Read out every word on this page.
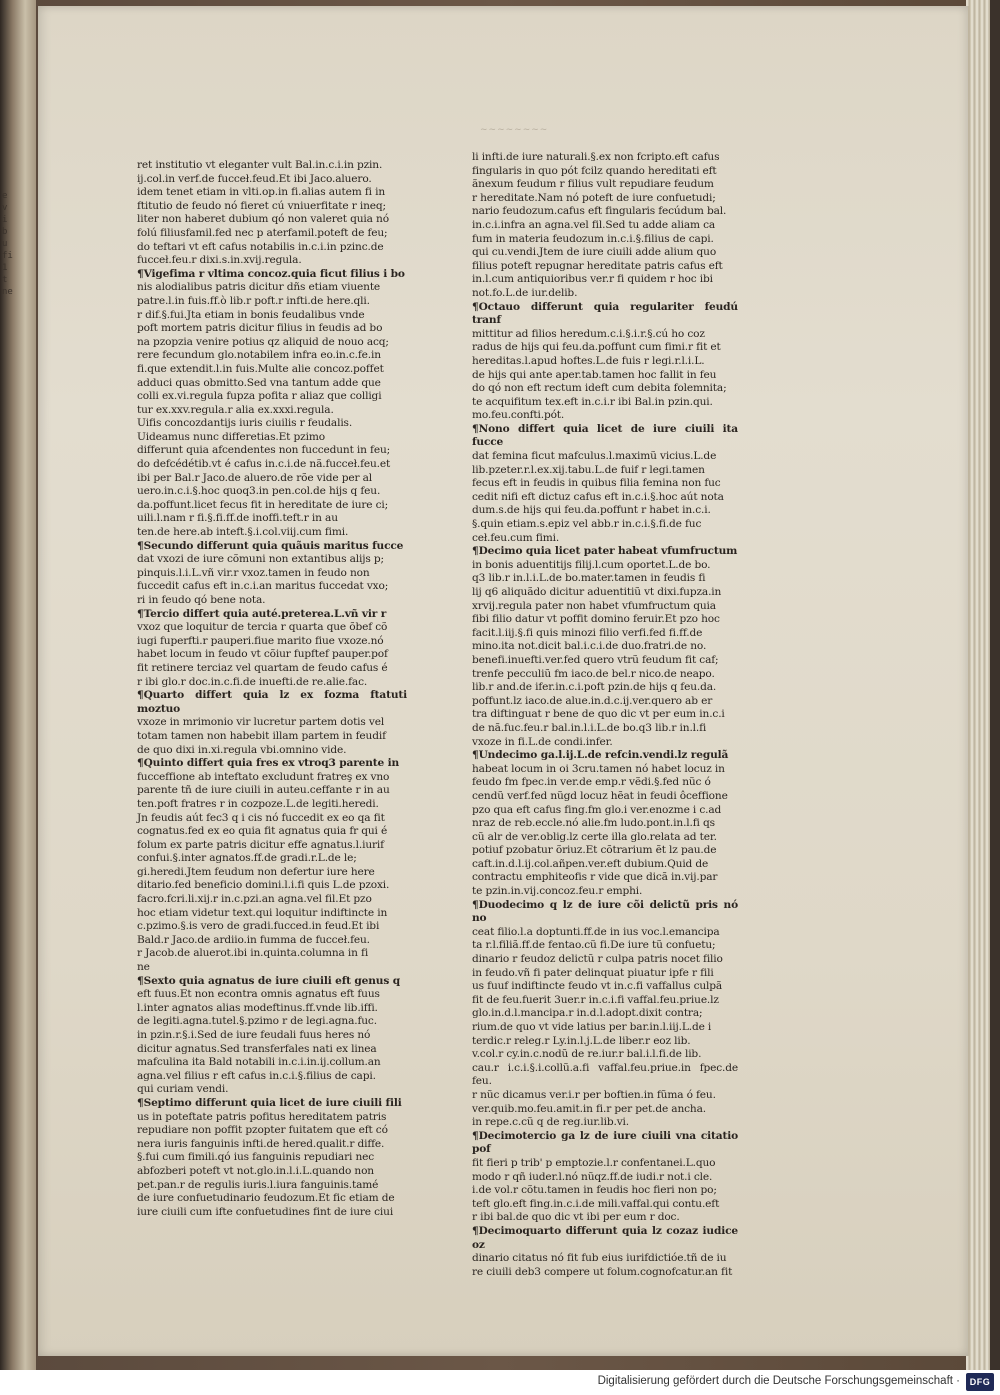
e
v
i
b
u
fi
1
t
ne
~~~~~~~~

ret institutio vt eleganter vult Bal.in.c.i.in pzin.

ij.col.in verf.de fucceł.feud.Et ibi Jaco.aluero.

idem tenet etiam in vlti.op.in fi.alias autem fi in

ftitutio de feudo nó fieret cú vniuerfitate r ineq;

liter non haberet dubium qó non valeret quia nó

folú filiusfamil.fed nec p aterfamil.poteft de feu;

do teftari vt eft cafus notabilis in.c.i.in pzinc.de

fucceł.feu.r dixi.s.in.xvij.regula.

¶Vigefima r vltima concoz.quia ficut filius i bo

nis alodialibus patris dicitur dñs etiam viuente

patre.l.in fuis.ff.ò lib.r poft.r infti.de here.qli.

r dif.§.fui.Jta etiam in bonis feudalibus vnde

poft mortem patris dicitur filius in feudis ad bo

na pzopzia venire potius qz aliquid de nouo acq;

rere fecundum glo.notabilem infra eo.in.c.fe.in

fi.que extendit.l.in fuis.Multe alie concoz.poffet

adduci quas obmitto.Sed vna tantum adde que

colli ex.vi.regula fupza pofita r aliaz que colligi

tur ex.xxv.regula.r alia ex.xxxi.regula.

Uifis concozdantijs iuris ciuilis r feudalis.

Uideamus nunc differetias.Et pzimo

differunt quia afcendentes non fuccedunt in feu;

do defcédétib.vt é cafus in.c.i.de nã.fucceł.feu.et

ibi per Bal.r Jaco.de aluero.de rõe vide per al

uero.in.c.i.§.hoc quoq3.in pen.col.de hijs q feu.

da.poffunt.licet fecus fit in hereditate de iure ci;

uili.l.nam r fi.§.fi.ff.de inoffi.teft.r in au

ten.de here.ab inteft.§.i.col.viij.cum fimi.

¶Secundo differunt quia quãuis maritus fucce

dat vxozi de iure cõmuni non extantibus alijs p;

pinquis.l.i.L.vñ vir.r vxoz.tamen in feudo non

fuccedit cafus eft in.c.i.an maritus fuccedat vxo;

ri in feudo qó bene nota.

¶Tercio differt quia auté.preterea.L.vñ vir r

vxoz que loquitur de tercia r quarta que õbef cõ

iugi fuperfti.r pauperi.fiue marito fiue vxoze.nó

habet locum in feudo vt cõiur fupftef pauper.pof

fit retinere terciaz vel quartam de feudo cafus é

r ibi glo.r doc.in.c.fi.de inuefti.de re.alie.fac.

¶Quarto differt quia lz ex fozma ftatuti moztuo

vxoze in mrimonio vir lucretur partem dotis vel

totam tamen non habebit illam partem in feudif

de quo dixi in.xi.regula vbi.omnino vide.

¶Quinto differt quia fres ex vtroq3 parente in

fucceffione ab inteftato excludunt fratreş ex vno

parente tñ de iure ciuili in auteu.ceffante r in au

ten.poft fratres r in cozpoze.L.de legiti.heredi.

Jn feudis aút fec3 q i cis nó fuccedit ex eo qa fit

cognatus.fed ex eo quia fit agnatus quia fr qui é

folum ex parte patris dicitur effe agnatus.l.iurif

confui.§.inter agnatos.ff.de gradi.r.L.de le;

gi.heredi.Jtem feudum non defertur iure here

ditario.fed beneficio domini.l.i.fi quis L.de pzoxi.

facro.fcri.li.xij.r in.c.pzi.an agna.vel fil.Et pzo

hoc etiam videtur text.qui loquitur indiftincte in

c.pzimo.§.is vero de gradi.fucced.in feud.Et ibi

Bald.r Jaco.de ardiio.in fumma de fucceł.feu.

r Jacob.de aluerot.ibi in.quinta.columna in fi

ne

¶Sexto quia agnatus de iure ciuili eft genus q

eft fuus.Et non econtra omnis agnatus eft fuus

l.inter agnatos alias modeftinus.ff.vnde lib.iffi.

de legiti.agna.tutel.§.pzimo r de legi.agna.fuc.

in pzin.r.§.i.Sed de iure feudali fuus heres nó

dicitur agnatus.Sed transferfales nati ex linea

mafculina ita Bald notabili in.c.i.in.ij.collum.an

agna.vel filius r eft cafus in.c.i.§.filius de capi.

qui curiam vendi.

¶Septimo differunt quia licet de iure ciuili fili

us in poteftate patris pofitus hereditatem patris

repudiare non poffit pzopter fuitatem que eft có

nera iuris fanguinis infti.de hered.qualit.r diffe.

§.fui cum fimili.qó ius fanguinis repudiari nec

abfozberi poteft vt not.glo.in.l.i.L.quando non

pet.pan.r de regulis iuris.l.iura fanguinis.tamé

de iure confuetudinario feudozum.Et fic etiam de

iure ciuili cum ifte confuetudines fint de iure ciui

li infti.de iure naturali.§.ex non fcripto.eft cafus

fingularis in quo pót fcilz quando hereditati eft

ãnexum feudum r filius vult repudiare feudum

r hereditate.Nam nó poteft de iure confuetudi;

nario feudozum.cafus eft fingularis fecúdum bal.

in.c.i.infra an agna.vel fil.Sed tu adde aliam ca

fum in materia feudozum in.c.i.§.filius de capi.

qui cu.vendi.Jtem de iure ciuili adde alium quo

filius poteft repugnar hereditate patris cafus eft

in.l.cum antiquioribus ver.r fi quidem r hoc ibi

not.fo.L.de iur.delib.

¶Octauo differunt quia regulariter feudú tranf

mittitur ad filios heredum.c.i.§.i.r.§.cú ho coz

radus de hijs qui feu.da.poffunt cum fimi.r fit et

hereditas.l.apud hoftes.L.de fuis r legi.r.l.i.L.

de hijs qui ante aper.tab.tamen hoc fallit in feu

do qó non eft rectum ideft cum debita folemnita;

te acquifitum tex.eft in.c.i.r ibi Bal.in pzin.qui.

mo.feu.confti.pót.

¶Nono differt quia licet de iure ciuili ita fucce

dat femina ficut mafculus.l.maximũ vicius.L.de

lib.pzeter.r.l.ex.xij.tabu.L.de fuif r legi.tamen

fecus eft in feudis in quibus filia femina non fuc

cedit nifi eft dictuz cafus eft in.c.i.§.hoc aút nota

dum.s.de hijs qui feu.da.poffunt r habet in.c.i.

§.quin etiam.s.epiz vel abb.r in.c.i.§.fi.de fuc

ceł.feu.cum fimi.

¶Decimo quia licet pater habeat vfumfructum

in bonis aduentitijs filij.l.cum oportet.L.de bo.

q3 lib.r in.l.i.L.de bo.mater.tamen in feudis fi

lij q6 aliquãdo dicitur aduentitiũ vt dixi.fupza.in

xrvij.regula pater non habet vfumfructum quia

fibi filio datur vt poffit domino feruir.Et pzo hoc

facit.l.iij.§.fi quis minozi filio verfi.fed fi.ff.de

mino.ita not.dicit bal.i.c.i.de duo.fratri.de no.

benefi.inuefti.ver.fed quero vtrũ feudum fit caf;

trenfe pecculiũ fm iaco.de bel.r nico.de neapo.

lib.r and.de ifer.in.c.i.poft pzin.de hijs q feu.da.

poffunt.lz iaco.de alue.in.d.c.ij.ver.quero ab er

tra diftinguat r bene de quo dic vt per eum in.c.i

de nã.fuc.feu.r bal.in.l.i.L.de bo.q3 lib.r in.l.fi

vxoze in fi.L.de condi.infer.

¶Undecimo ga.l.ij.L.de refcin.vendi.lz regulã

habeat locum in oi 3cru.tamen nó habet locuz in

feudo fm fpec.in ver.de emp.r vẽdi.§.fed nũc ó

cendũ verf.fed nũgd locuz hẽat in feudi ôceffione

pzo qua eft cafus fing.fm glo.i ver.enozme i c.ad

nraz de reb.eccle.nó alie.fm ludo.pont.in.l.fi qs

cũ alr de ver.oblig.lz certe illa glo.relata ad ter.

potiuf pzobatur õriuz.Et cõtrarium ẽt lz pau.de

caft.in.d.l.ij.col.añpen.ver.eft dubium.Quid de

contractu emphiteofis r vide que dicã in.vij.par

te pzin.in.vij.concoz.feu.r emphi.

¶Duodecimo q lz de iure cõi delictũ pris nó no

ceat filio.l.a doptunti.ff.de in ius voc.l.emancipa

ta r.l.filiã.ff.de fentao.cũ fi.De iure tũ confuetu;

dinario r feudoz delictũ r culpa patris nocet filio

in feudo.vñ fi pater delinquat piuatur ipfe r fili

us fuuf indiftincte feudo vt in.c.fi vaffallus culpã

fit de feu.fuerit 3uer.r in.c.i.fi vaffal.feu.priue.lz

glo.in.d.l.mancipa.r in.d.l.adopt.dixit contra;

rium.de quo vt vide latius per bar.in.l.iij.L.de i

terdic.r releg.r Ly.in.l.j.L.de liber.r eoz lib.

v.col.r cy.in.c.nodũ de re.iur.r bal.i.l.fi.de lib.

cau.r i.c.i.§.i.collũ.a.fi vaffal.feu.priue.in fpec.de feu.

r nũc dicamus ver.i.r per boftien.in fũma ó feu.

ver.quib.mo.feu.amit.in fi.r per pet.de ancha.

in repe.c.cũ q de reg.iur.lib.vi.

¶Decimotercio ga lz de iure ciuili vna citatio pof

fit fieri p trib' p emptozie.l.r confentanei.L.quo

modo r qñ iuder.l.nó nũqz.ff.de iudi.r not.i cle.

i.de vol.r cõtu.tamen in feudis hoc fieri non po;

teft glo.eft fing.in.c.i.de mili.vaffal.qui contu.eft

r ibi bal.de quo dic vt ibi per eum r doc.

¶Decimoquarto differunt quia lz cozaz iudice oz

dinario citatus nó fit fub eius iurifdictióe.tñ de iu

re ciuili deb3 compere ut folum.cognofcatur.an fit

Digitalisierung gefördert durch die Deutsche Forschungsgemeinschaft ·	DFG
